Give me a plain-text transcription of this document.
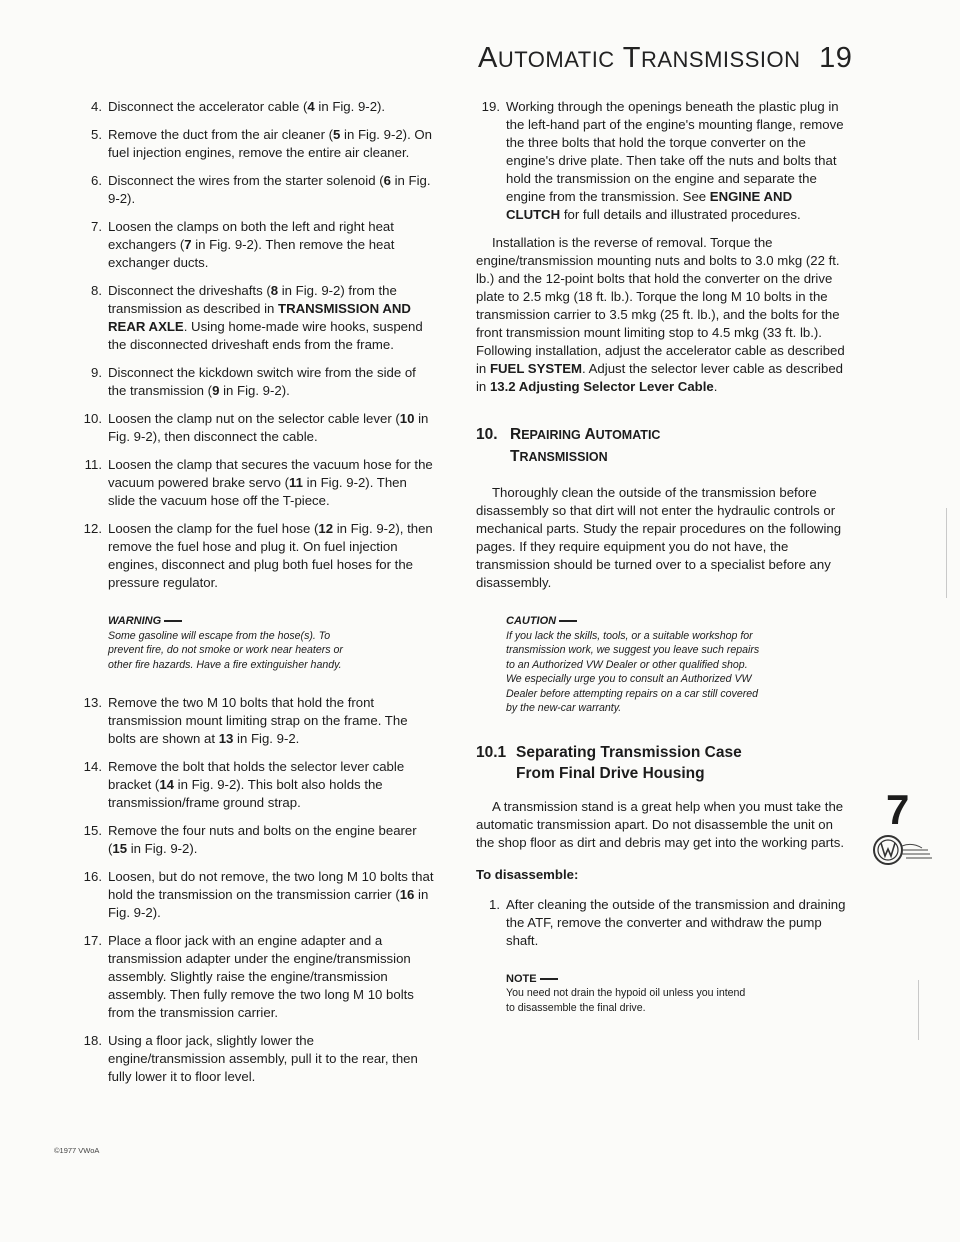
AUTOMATIC TRANSMISSION 19
4. Disconnect the accelerator cable (4 in Fig. 9-2).
5. Remove the duct from the air cleaner (5 in Fig. 9-2). On fuel injection engines, remove the entire air cleaner.
6. Disconnect the wires from the starter solenoid (6 in Fig. 9-2).
7. Loosen the clamps on both the left and right heat exchangers (7 in Fig. 9-2). Then remove the heat exchanger ducts.
8. Disconnect the driveshafts (8 in Fig. 9-2) from the transmission as described in TRANSMISSION AND REAR AXLE. Using home-made wire hooks, suspend the disconnected driveshaft ends from the frame.
9. Disconnect the kickdown switch wire from the side of the transmission (9 in Fig. 9-2).
10. Loosen the clamp nut on the selector cable lever (10 in Fig. 9-2), then disconnect the cable.
11. Loosen the clamp that secures the vacuum hose for the vacuum powered brake servo (11 in Fig. 9-2). Then slide the vacuum hose off the T-piece.
12. Loosen the clamp for the fuel hose (12 in Fig. 9-2), then remove the fuel hose and plug it. On fuel injection engines, disconnect and plug both fuel hoses for the pressure regulator.
WARNING
Some gasoline will escape from the hose(s). To prevent fire, do not smoke or work near heaters or other fire hazards. Have a fire extinguisher handy.
13. Remove the two M 10 bolts that hold the front transmission mount limiting strap on the frame. The bolts are shown at 13 in Fig. 9-2.
14. Remove the bolt that holds the selector lever cable bracket (14 in Fig. 9-2). This bolt also holds the transmission/frame ground strap.
15. Remove the four nuts and bolts on the engine bearer (15 in Fig. 9-2).
16. Loosen, but do not remove, the two long M 10 bolts that hold the transmission on the transmission carrier (16 in Fig. 9-2).
17. Place a floor jack with an engine adapter and a transmission adapter under the engine/transmission assembly. Slightly raise the engine/transmission assembly. Then fully remove the two long M 10 bolts from the transmission carrier.
18. Using a floor jack, slightly lower the engine/transmission assembly, pull it to the rear, then fully lower it to floor level.
19. Working through the openings beneath the plastic plug in the left-hand part of the engine's mounting flange, remove the three bolts that hold the torque converter on the engine's drive plate. Then take off the nuts and bolts that hold the transmission on the engine and separate the engine from the transmission. See ENGINE AND CLUTCH for full details and illustrated procedures.

Installation is the reverse of removal. Torque the engine/transmission mounting nuts and bolts to 3.0 mkg (22 ft. lb.) and the 12-point bolts that hold the converter on the drive plate to 2.5 mkg (18 ft. lb.). Torque the long M 10 bolts in the transmission carrier to 3.5 mkg (25 ft. lb.), and the bolts for the front transmission mount limiting stop to 4.5 mkg (33 ft. lb.). Following installation, adjust the accelerator cable as described in FUEL SYSTEM. Adjust the selector lever cable as described in 13.2 Adjusting Selector Lever Cable.

10. REPAIRING AUTOMATIC
TRANSMISSION

Thoroughly clean the outside of the transmission before disassembly so that dirt will not enter the hydraulic controls or mechanical parts. Study the repair procedures on the following pages. If they require equipment you do not have, the transmission should be turned over to a specialist before any disassembly.

CAUTION
If you lack the skills, tools, or a suitable workshop for transmission work, we suggest you leave such repairs to an Authorized VW Dealer or other qualified shop. We especially urge you to consult an Authorized VW Dealer before attempting repairs on a car still covered by the new-car warranty.
10.1 Separating Transmission Case
From Final Drive Housing

A transmission stand is a great help when you must take the automatic transmission apart. Do not disassemble the unit on the shop floor as dirt and debris may get into the working parts.

To disassemble:
1. After cleaning the outside of the transmission and draining the ATF, remove the converter and withdraw the pump shaft.
NOTE
You need not drain the hypoid oil unless you intend to disassemble the final drive.
7
©1977 VWoA
